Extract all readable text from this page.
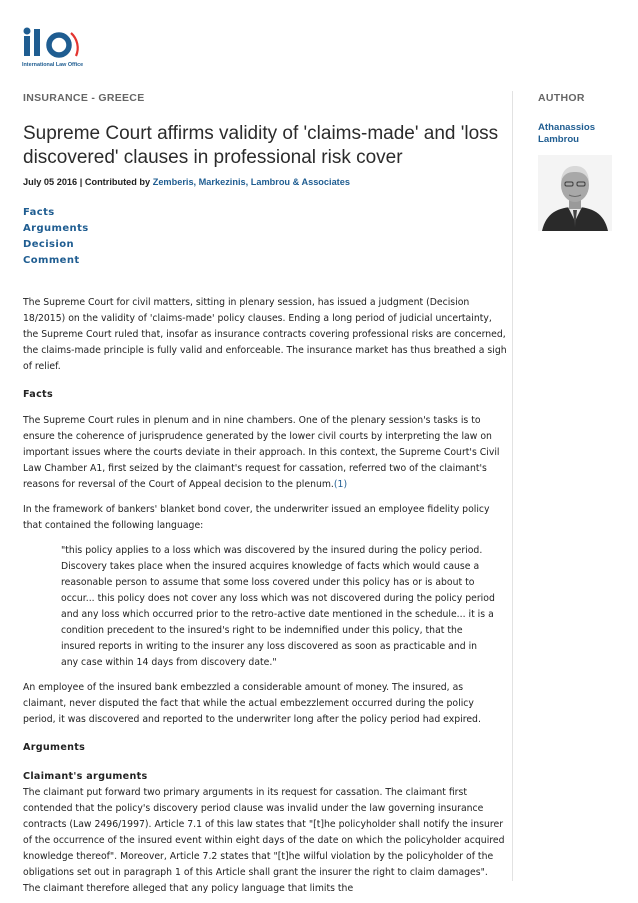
International Law Office
INSURANCE - GREECE
Supreme Court affirms validity of 'claims-made' and 'loss discovered' clauses in professional risk cover
July 05 2016 | Contributed by Zemberis, Markezinis, Lambrou & Associates
Facts
Arguments
Decision
Comment

The Supreme Court for civil matters, sitting in plenary session, has issued a judgment (Decision 18/2015) on the validity of 'claims-made' policy clauses. Ending a long period of judicial uncertainty, the Supreme Court ruled that, insofar as insurance contracts covering professional risks are concerned, the claims-made principle is fully valid and enforceable. The insurance market has thus breathed a sigh of relief.

Facts

The Supreme Court rules in plenum and in nine chambers. One of the plenary session's tasks is to ensure the coherence of jurisprudence generated by the lower civil courts by interpreting the law on important issues where the courts deviate in their approach. In this context, the Supreme Court's Civil Law Chamber A1, first seized by the claimant's request for cassation, referred two of the claimant's reasons for reversal of the Court of Appeal decision to the plenum.(1)

In the framework of bankers' blanket bond cover, the underwriter issued an employee fidelity policy that contained the following language:

"this policy applies to a loss which was discovered by the insured during the policy period. Discovery takes place when the insured acquires knowledge of facts which would cause a reasonable person to assume that some loss covered under this policy has or is about to occur... this policy does not cover any loss which was not discovered during the policy period and any loss which occurred prior to the retro-active date mentioned in the schedule... it is a condition precedent to the insured's right to be indemnified under this policy, that the insured reports in writing to the insurer any loss discovered as soon as practicable and in any case within 14 days from discovery date."

An employee of the insured bank embezzled a considerable amount of money. The insured, as claimant, never disputed the fact that while the actual embezzlement occurred during the policy period, it was discovered and reported to the underwriter long after the policy period had expired.

Arguments
Claimant's arguments

The claimant put forward two primary arguments in its request for cassation. The claimant first contended that the policy's discovery period clause was invalid under the law governing insurance contracts (Law 2496/1997). Article 7.1 of this law states that "[t]he policyholder shall notify the insurer of the occurrence of the insured event within eight days of the date on which the policyholder acquired knowledge thereof". Moreover, Article 7.2 states that "[t]he wilful violation by the policyholder of the obligations set out in paragraph 1 of this Article shall grant the insurer the right to claim damages". The claimant therefore alleged that any policy language that limits the

AUTHOR
Athanassios Lambrou
